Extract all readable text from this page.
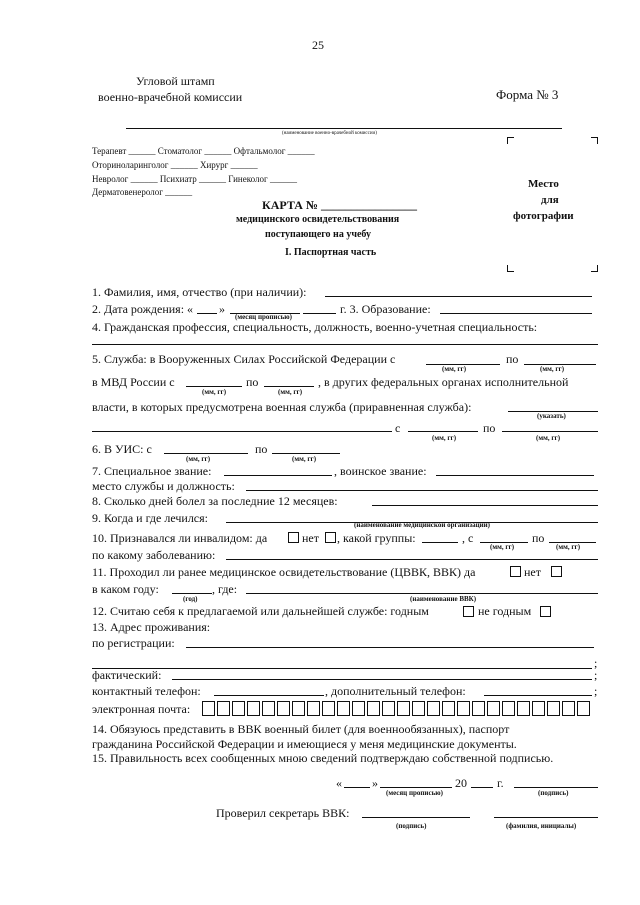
25
Угловой штамп
военно-врачебной комиссии	Форма № 3
(наименование военно-врачебной комиссии)
Терапевт ______ Стоматолог ______ Офтальмолог ______
Оториноларинголог ______ Хирург ______
Невролог ______ Психиатр ______ Гинеколог ______
Дерматовенеролог ______
КАРТА № ________________
медицинского освидетельствования
поступающего на учебу
I. Паспортная часть
Место
для
фотографии
1. Фамилия, имя, отчество (при наличии):
2. Дата рождения: « »
(месяц прописью)
г. 3. Образование:
4. Гражданская профессия, специальность, должность, военно-учетная специальность:
5. Служба: в Вооруженных Силах Российской Федерации с
(мм, гг)
по
(мм, гг)
в МВД России с
(мм, гг)
по
(мм, гг)
, в других федеральных органах исполнительной
власти, в которых предусмотрена военная служба (приравненная служба):
(указать)
с
(мм, гг)
по
(мм, гг)
6. В УИС: с
(мм, гг)
по
(мм, гг)
7. Специальное звание:	, воинское звание:
место службы и должность:
8. Сколько дней болел за последние 12 месяцев:
9. Когда и где лечился:	(наименование медицинской организации)
10. Признавался ли инвалидом: да	нет , какой группы:	, с
(мм, гг)
по
(мм, гг)
по какому заболеванию:
11. Проходил ли ранее медицинское освидетельствование (ЦВВК, ВВК) да	нет
в каком году:
(год)
, где:
(наименование ВВК)
12. Считаю себя к предлагаемой или дальнейшей службе: годным	не годным
13. Адрес проживания:
по регистрации:
;
фактический:	;
контактный телефон:	, дополнительный телефон:	;
электронная почта:
14. Обязуюсь представить в ВВК военный билет (для военнообязанных), паспорт
гражданина Российской Федерации и имеющиеся у меня медицинские документы.
15. Правильность всех сообщенных мною сведений подтверждаю собственной подписью.
«	»
(месяц прописью)
20	г.
(подпись)
Проверил секретарь ВВК:
(подпись)	(фамилия, инициалы)
